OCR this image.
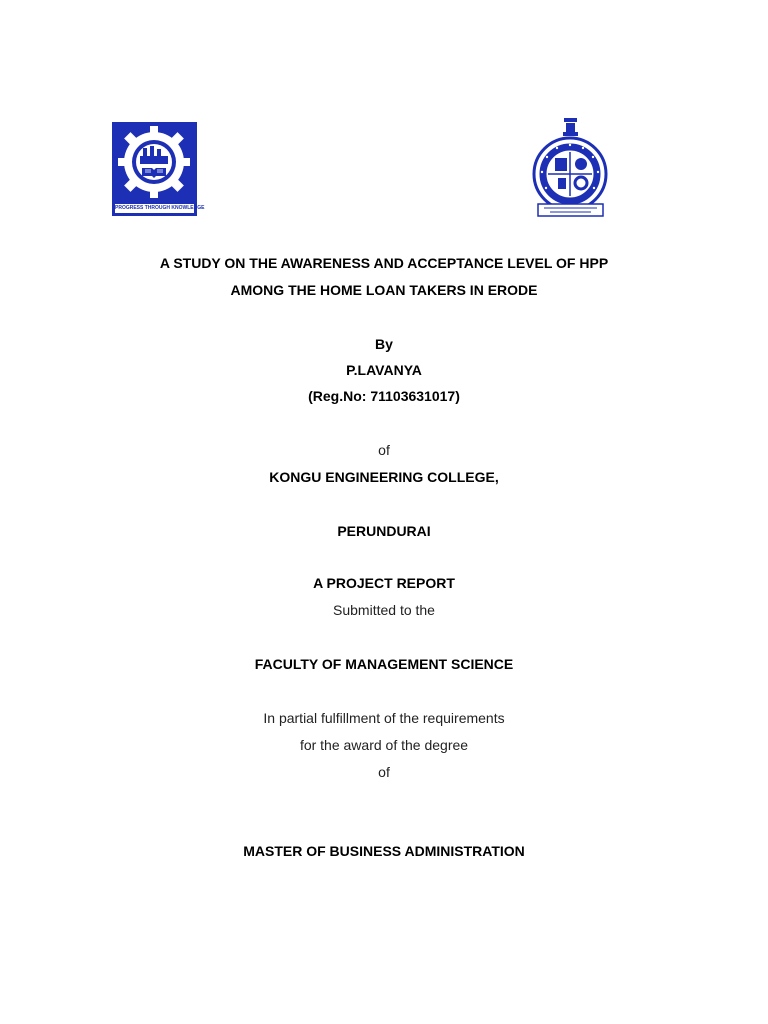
PROGRESS THROUGH KNOWLEDGE
A STUDY ON THE AWARENESS AND ACCEPTANCE LEVEL OF HPP
AMONG THE HOME LOAN TAKERS IN ERODE
By
P.LAVANYA
(Reg.No: 71103631017)
of
KONGU ENGINEERING COLLEGE,
PERUNDURAI
A PROJECT REPORT
Submitted to the
FACULTY OF MANAGEMENT SCIENCE
In partial fulfillment of the requirements
for the award of the degree
of
MASTER OF BUSINESS ADMINISTRATION
